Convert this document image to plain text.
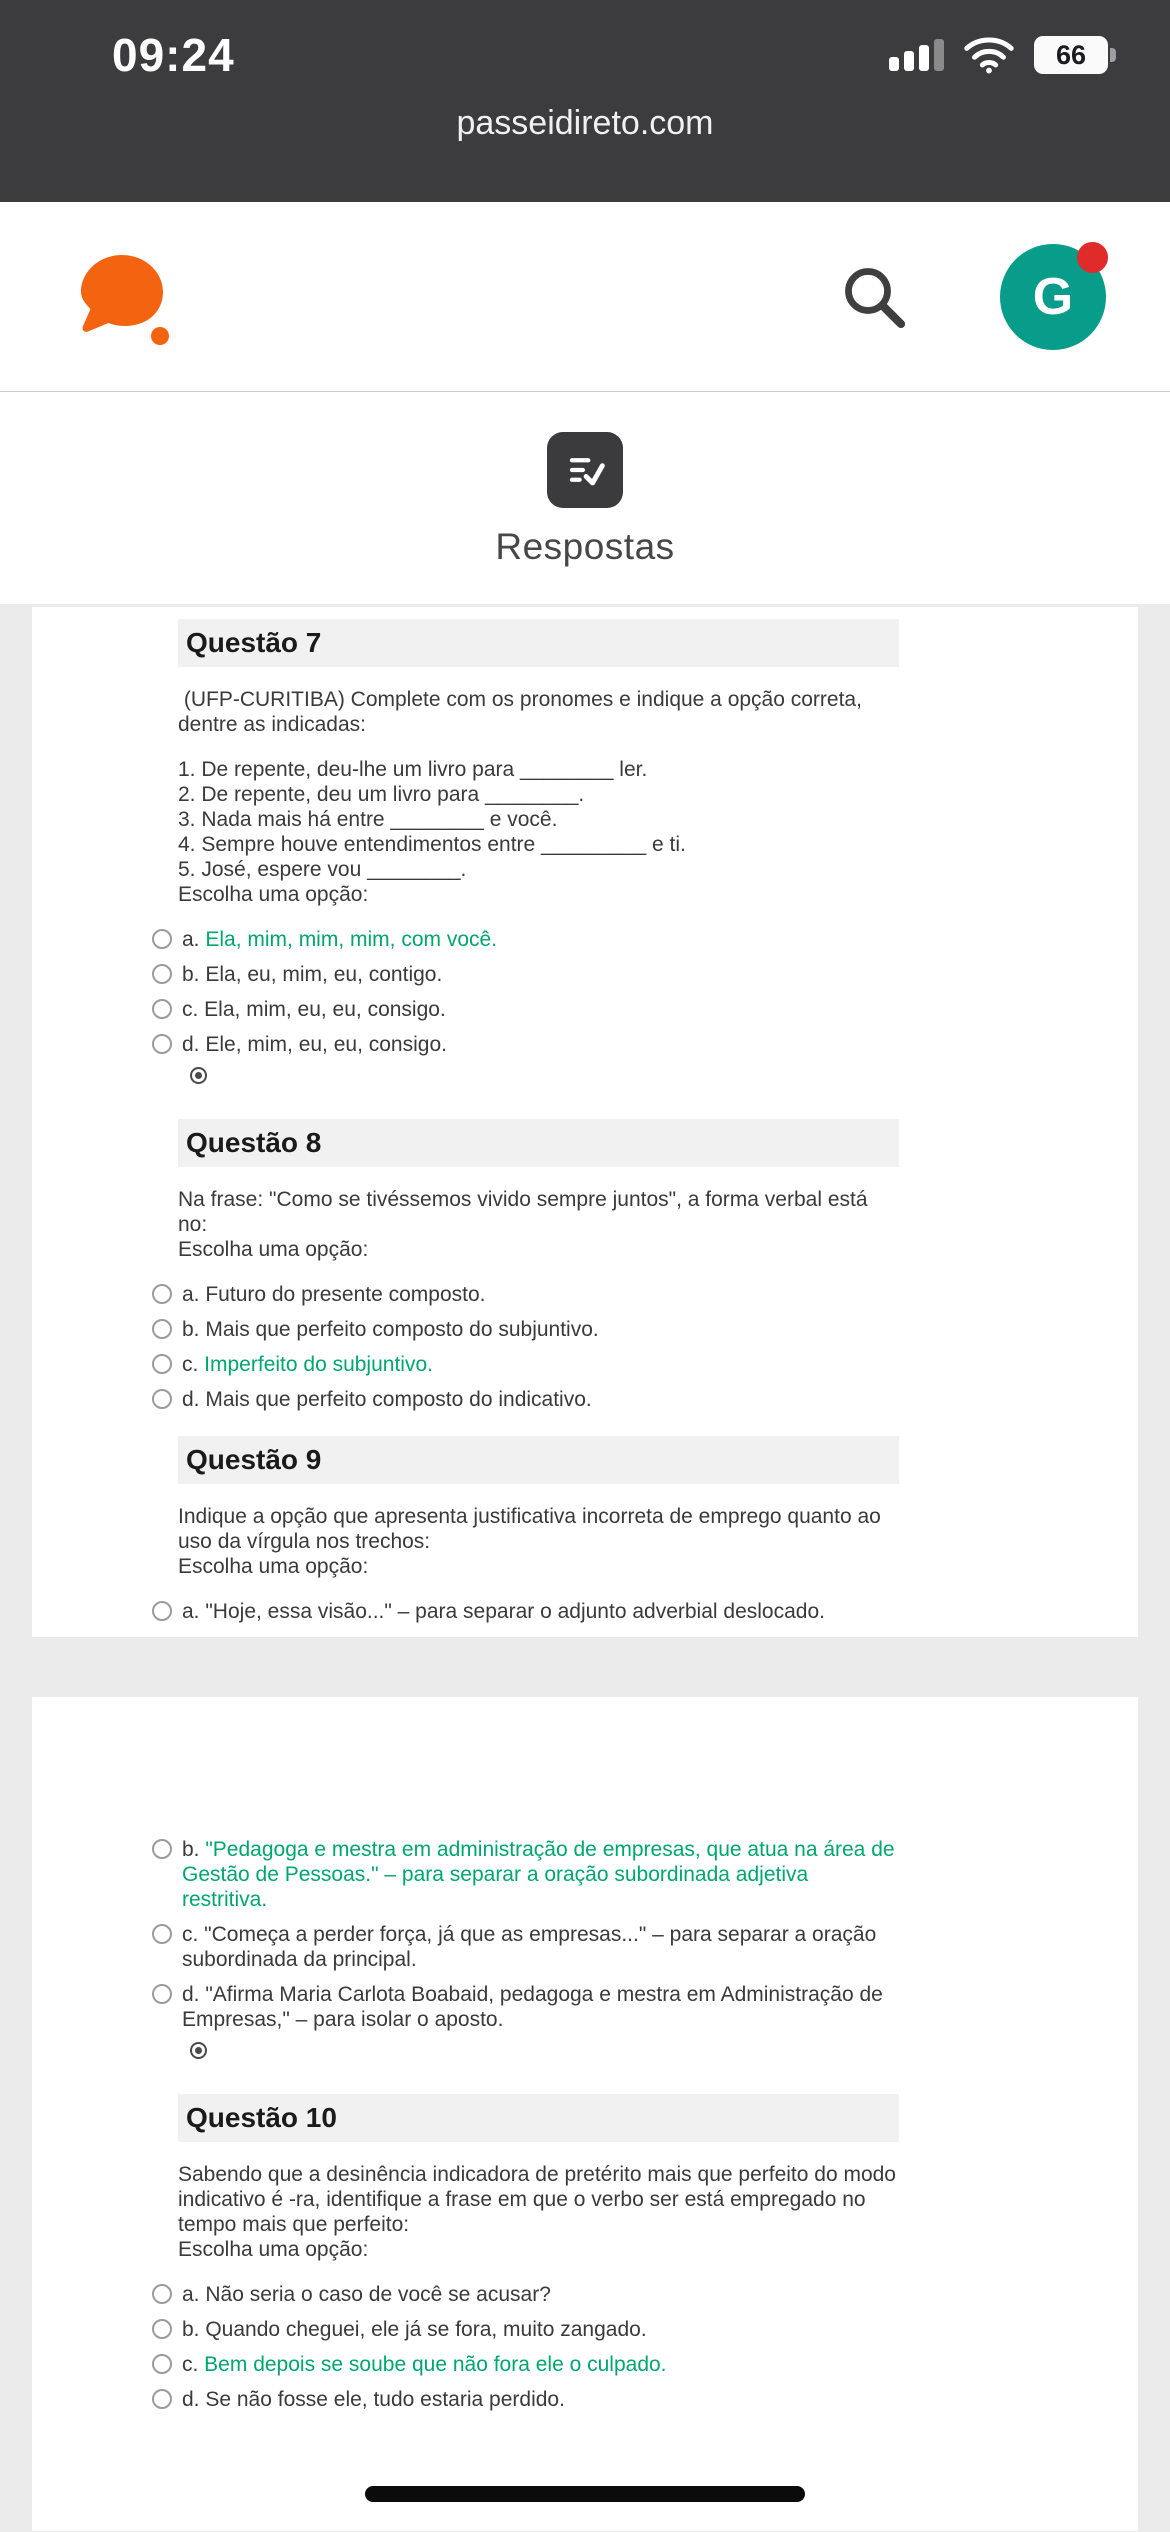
09:24	66
passeidireto.com
G
Respostas
Questão 7
(UFP-CURITIBA) Complete com os pronomes e indique a opção correta, dentre as indicadas:
1. De repente, deu-lhe um livro para ________ ler.
2. De repente, deu um livro para ________.
3. Nada mais há entre ________ e você.
4. Sempre houve entendimentos entre _________ e ti.
5. José, espere vou ________.
Escolha uma opção:
a. Ela, mim, mim, mim, com você.
b. Ela, eu, mim, eu, contigo.
c. Ela, mim, eu, eu, consigo.
d. Ele, mim, eu, eu, consigo.
Questão 8
Na frase: "Como se tivéssemos vivido sempre juntos", a forma verbal está no:
Escolha uma opção:
a. Futuro do presente composto.
b. Mais que perfeito composto do subjuntivo.
c. Imperfeito do subjuntivo.
d. Mais que perfeito composto do indicativo.
Questão 9
Indique a opção que apresenta justificativa incorreta de emprego quanto ao uso da vírgula nos trechos:
Escolha uma opção:
a. "Hoje, essa visão..." – para separar o adjunto adverbial deslocado.
b. "Pedagoga e mestra em administração de empresas, que atua na área de Gestão de Pessoas." – para separar a oração subordinada adjetiva restritiva.
c. "Começa a perder força, já que as empresas..." – para separar a oração subordinada da principal.
d. "Afirma Maria Carlota Boabaid, pedagoga e mestra em Administração de Empresas," – para isolar o aposto.
Questão 10
Sabendo que a desinência indicadora de pretérito mais que perfeito do modo indicativo é -ra, identifique a frase em que o verbo ser está empregado no tempo mais que perfeito:
Escolha uma opção:
a. Não seria o caso de você se acusar?
b. Quando cheguei, ele já se fora, muito zangado.
c. Bem depois se soube que não fora ele o culpado.
d. Se não fosse ele, tudo estaria perdido.
